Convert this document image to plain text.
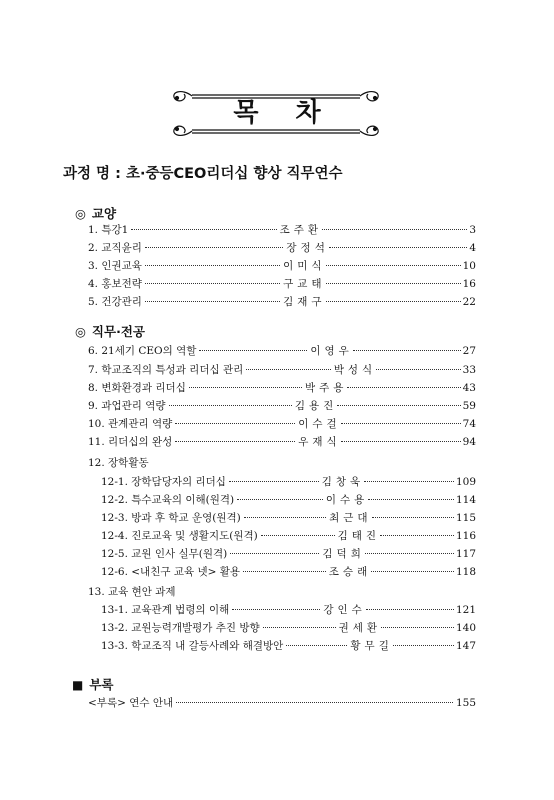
목 차
과정 명 : 초·중등CEO리더십 향상 직무연수
◎ 교양
1. 특강1	조주환	3
2. 교직윤리	장정석	4
3. 인권교육	이미식	10
4. 홍보전략	구교태	16
5. 건강관리	김재구	22
◎ 직무·전공
6. 21세기 CEO의 역할	이영우	27
7. 학교조직의 특성과 리더십 관리	박성식	33
8. 변화환경과 리더십	박주용	43
9. 과업관리 역량	김용진	59
10. 관계관리 역량	이수걸	74
11. 리더십의 완성	우재식	94
12. 장학활동
12-1. 장학담당자의 리더십	김창욱	109
12-2. 특수교육의 이해(원격)	이수용	114
12-3. 방과 후 학교 운영(원격)	최근대	115
12-4. 진로교육 및 생활지도(원격)	김태진	116
12-5. 교원 인사 실무(원격)	김덕희	117
12-6. <내친구 교육 넷> 활용	조승래	118
13. 교육 현안 과제
13-1. 교육관계 법령의 이해	강인수	121
13-2. 교원능력개발평가 추진 방향	권세환	140
13-3. 학교조직 내 갈등사례와 해결방안	황무길	147
■ 부록
<부록> 연수 안내	155
